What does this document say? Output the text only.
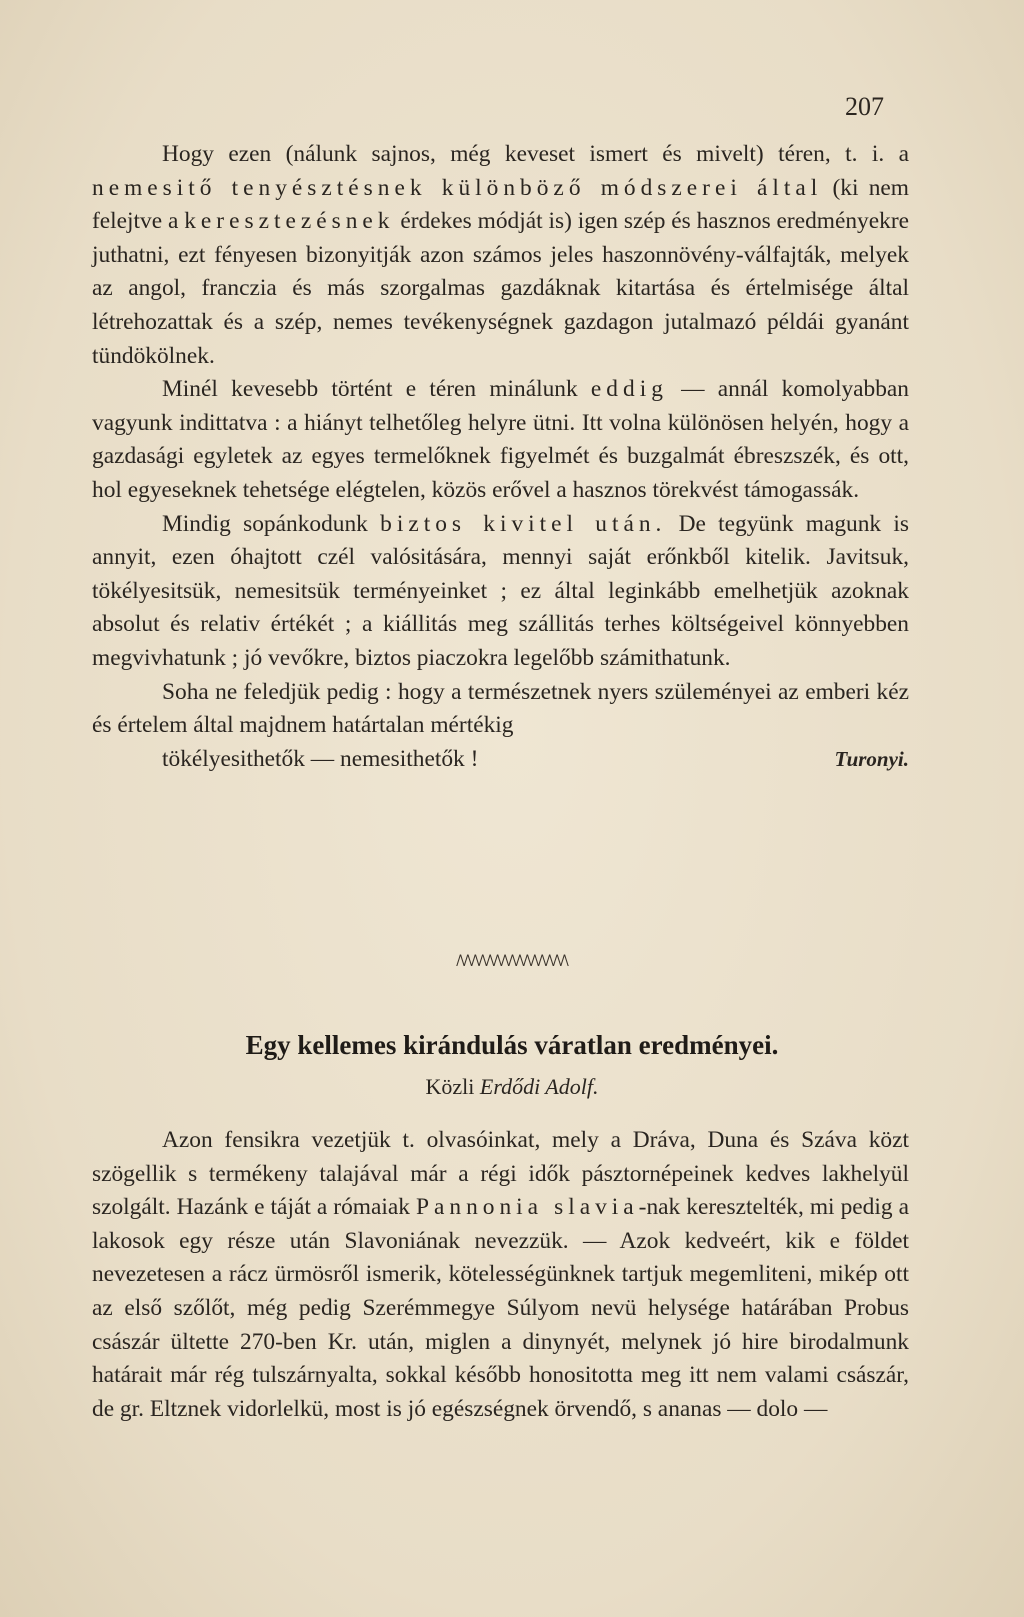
207

Hogy ezen (nálunk sajnos, még keveset ismert és mivelt) téren, t. i. a nemesitő tenyésztésnek különböző módszerei által (ki nem felejtve a keresztezésnek érdekes módját is) igen szép és hasznos eredményekre juthatni, ezt fényesen bizonyitják azon számos jeles haszonnövény-válfajták, melyek az angol, franczia és más szorgalmas gazdáknak kitartása és értelmisége által létrehozattak és a szép, nemes tevékenységnek gazdagon jutalmazó példái gyanánt tündökölnek.

Minél kevesebb történt e téren minálunk eddig — annál komolyabban vagyunk indittatva : a hiányt telhetőleg helyre ütni. Itt volna különösen helyén, hogy a gazdasági egyletek az egyes termelőknek figyelmét és buzgalmát ébreszszék, és ott, hol egyeseknek tehetsége elégtelen, közös erővel a hasznos törekvést támogassák.

Mindig sopánkodunk biztos kivitel után. De tegyünk magunk is annyit, ezen óhajtott czél valósitására, mennyi saját erőnkből kitelik. Javitsuk, tökélyesitsük, nemesitsük terményeinket ; ez által leginkább emelhetjük azoknak absolut és relativ értékét ; a kiállitás meg szállitás terhes költségeivel könnyebben megvivhatunk ; jó vevőkre, biztos piaczokra legelőbb számithatunk.

Soha ne feledjük pedig : hogy a természetnek nyers szüleményei az emberi kéz és értelem által majdnem határtalan mértékig

tökélyesithetők — nemesithetők !	Turonyi.

/\/\/\/\/\/\/\/\/\/\/\/\/\/\/\
Egy kellemes kirándulás váratlan eredményei.
Közli Erdődi Adolf.

Azon fensikra vezetjük t. olvasóinkat, mely a Dráva, Duna és Száva közt szögellik s termékeny talajával már a régi idők pásztornépeinek kedves lakhelyül szolgált. Hazánk e táját a rómaiak Pannonia slavia-nak keresztelték, mi pedig a lakosok egy része után Slavoniának nevezzük. — Azok kedveért, kik e földet nevezetesen a rácz ürmösről ismerik, kötelességünknek tartjuk megemliteni, mikép ott az első szőlőt, még pedig Szerémmegye Súlyom nevü helysége határában Probus császár ültette 270-ben Kr. után, miglen a dinynyét, melynek jó hire birodalmunk határait már rég tulszárnyalta, sokkal később honositotta meg itt nem valami császár, de gr. Eltznek vidorlelkü, most is jó egészségnek örvendő, s ananas — dolo —
